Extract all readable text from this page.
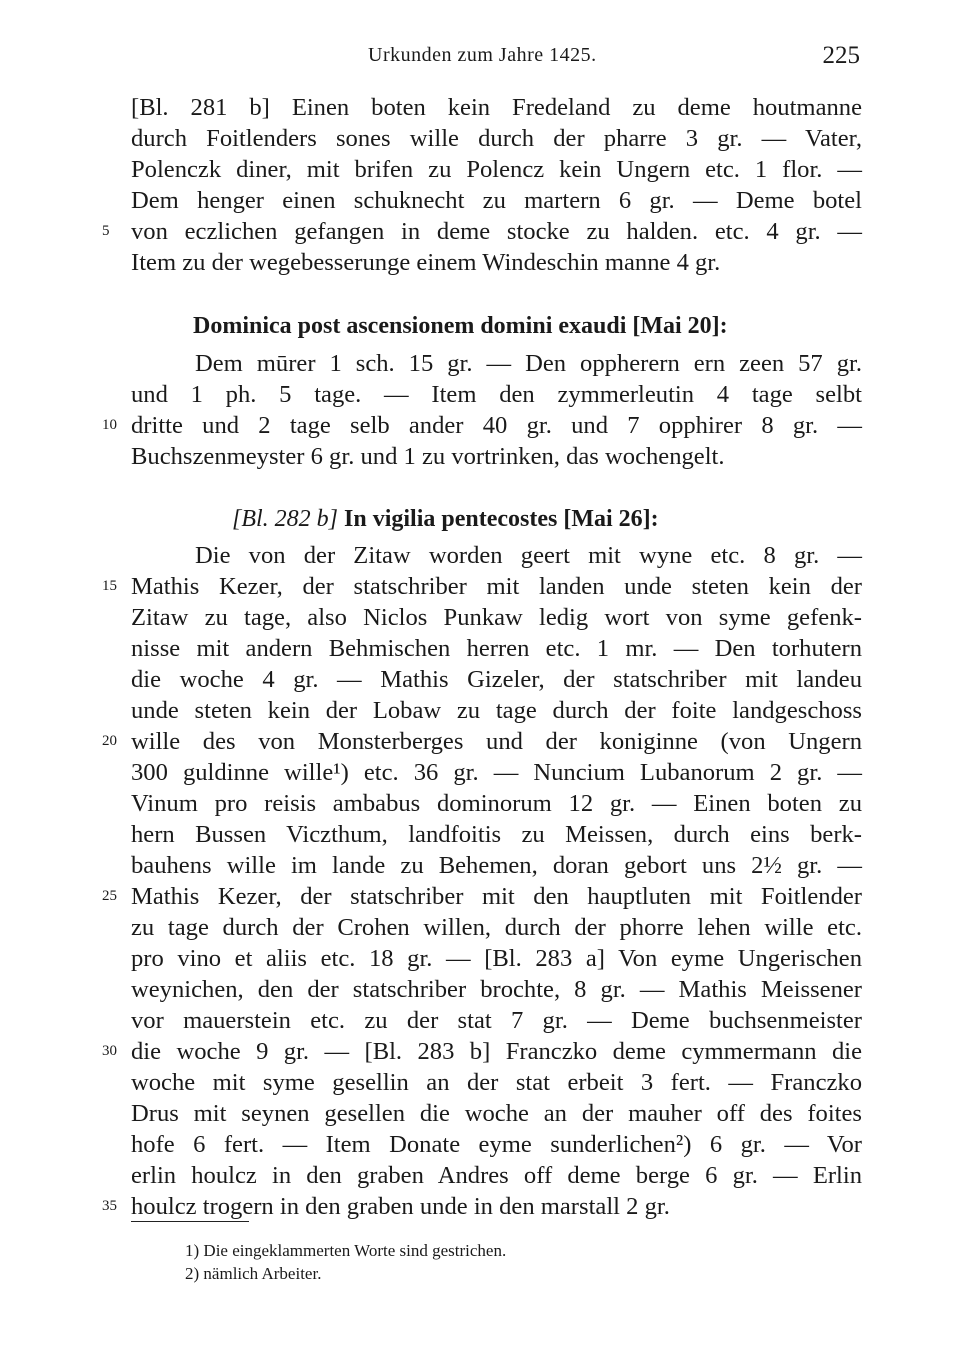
Urkunden zum Jahre 1425.	225
[Bl. 281 b] Einen boten kein Fredeland zu deme houtmanne
durch Foitlenders sones wille durch der pharre 3 gr. — Vater,
Polenczk diner, mit brifen zu Polencz kein Ungern etc. 1 flor. —
Dem henger einen schuknecht zu martern 6 gr. — Deme botel
von eczlichen gefangen in deme stocke zu halden. etc. 4 gr. —
Item zu der wegebesserunge einem Windeschin manne 4 gr.
Dominica post ascensionem domini exaudi [Mai 20]:
Dem mūrer 1 sch. 15 gr. — Den oppherern ern zeen 57 gr.
und 1 ph. 5 tage. — Item den zymmerleutin 4 tage selbt
dritte und 2 tage selb ander 40 gr. und 7 opphirer 8 gr. —
Buchszenmeyster 6 gr. und 1 zu vortrinken, das wochengelt.
[Bl. 282 b] In vigilia pentecostes [Mai 26]:
Die von der Zitaw worden geert mit wyne etc. 8 gr. —
Mathis Kezer, der statschriber mit landen unde steten kein der
Zitaw zu tage, also Niclos Punkaw ledig wort von syme gefenk-
nisse mit andern Behmischen herren etc. 1 mr. — Den torhutern
die woche 4 gr. — Mathis Gizeler, der statschriber mit landeu
unde steten kein der Lobaw zu tage durch der foite landgeschoss
wille des von Monsterberges und der koniginne (von Ungern
300 guldinne wille¹) etc. 36 gr. — Nuncium Lubanorum 2 gr. —
Vinum pro reisis ambabus dominorum 12 gr. — Einen boten zu
hern Bussen Viczthum, landfoitis zu Meissen, durch eins berk-
bauhens wille im lande zu Behemen, doran gebort uns 2½ gr. —
Mathis Kezer, der statschriber mit den hauptluten mit Foitlender
zu tage durch der Crohen willen, durch der phorre lehen wille etc.
pro vino et aliis etc. 18 gr. — [Bl. 283 a] Von eyme Ungerischen
weynichen, den der statschriber brochte, 8 gr. — Mathis Meissener
vor mauerstein etc. zu der stat 7 gr. — Deme buchsenmeister
die woche 9 gr. — [Bl. 283 b] Franczko deme cymmermann die
woche mit syme gesellin an der stat erbeit 3 fert. — Franczko
Drus mit seynen gesellen die woche an der mauher off des foites
hofe 6 fert. — Item Donate eyme sunderlichen²) 6 gr. — Vor
erlin houlcz in den graben Andres off deme berge 6 gr. — Erlin
houlcz trogern in den graben unde in den marstall 2 gr.
5
10
15
20
25
30
35
1) Die eingeklammerten Worte sind gestrichen.
2) nämlich Arbeiter.
